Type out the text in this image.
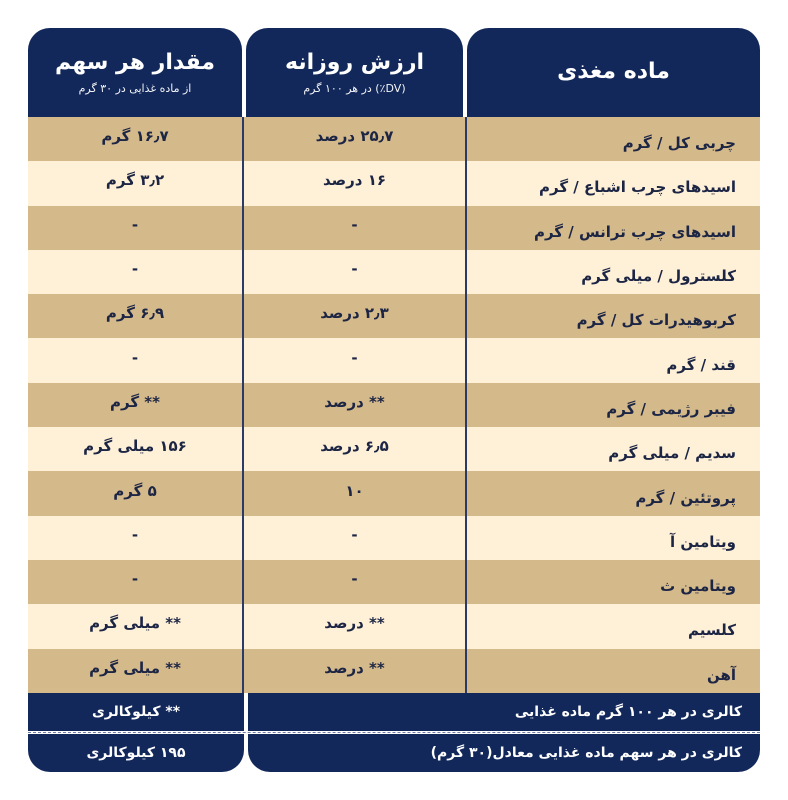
ماده مغذی
ارزش روزانه
(DV٪) در هر ۱۰۰ گرم
مقدار هر سهم
از ماده غذایی در ۳۰ گرم
چربی کل / گرم
۲۵٫۷ درصد
۱۶٫۷ گرم
اسیدهای چرب اشباع / گرم
۱۶ درصد
۳٫۲ گرم
اسیدهای چرب ترانس / گرم
-
-
کلسترول / میلی گرم
-
-
کربوهیدرات کل / گرم
۲٫۳ درصد
۶٫۹ گرم
قند / گرم
-
-
فیبر رژیمی / گرم
** درصد
** گرم
سدیم / میلی گرم
۶٫۵ درصد
۱۵۶ میلی گرم
پروتئین / گرم
۱۰
۵ گرم
ویتامین آ
-
-
ویتامین ث
-
-
کلسیم
** درصد
** میلی گرم
آهن
** درصد
** میلی گرم
کالری در هر ۱۰۰ گرم ماده غذایی
** کیلوکالری
کالری در هر سهم ماده غذایی معادل(۳۰ گرم)
۱۹۵ کیلوکالری
